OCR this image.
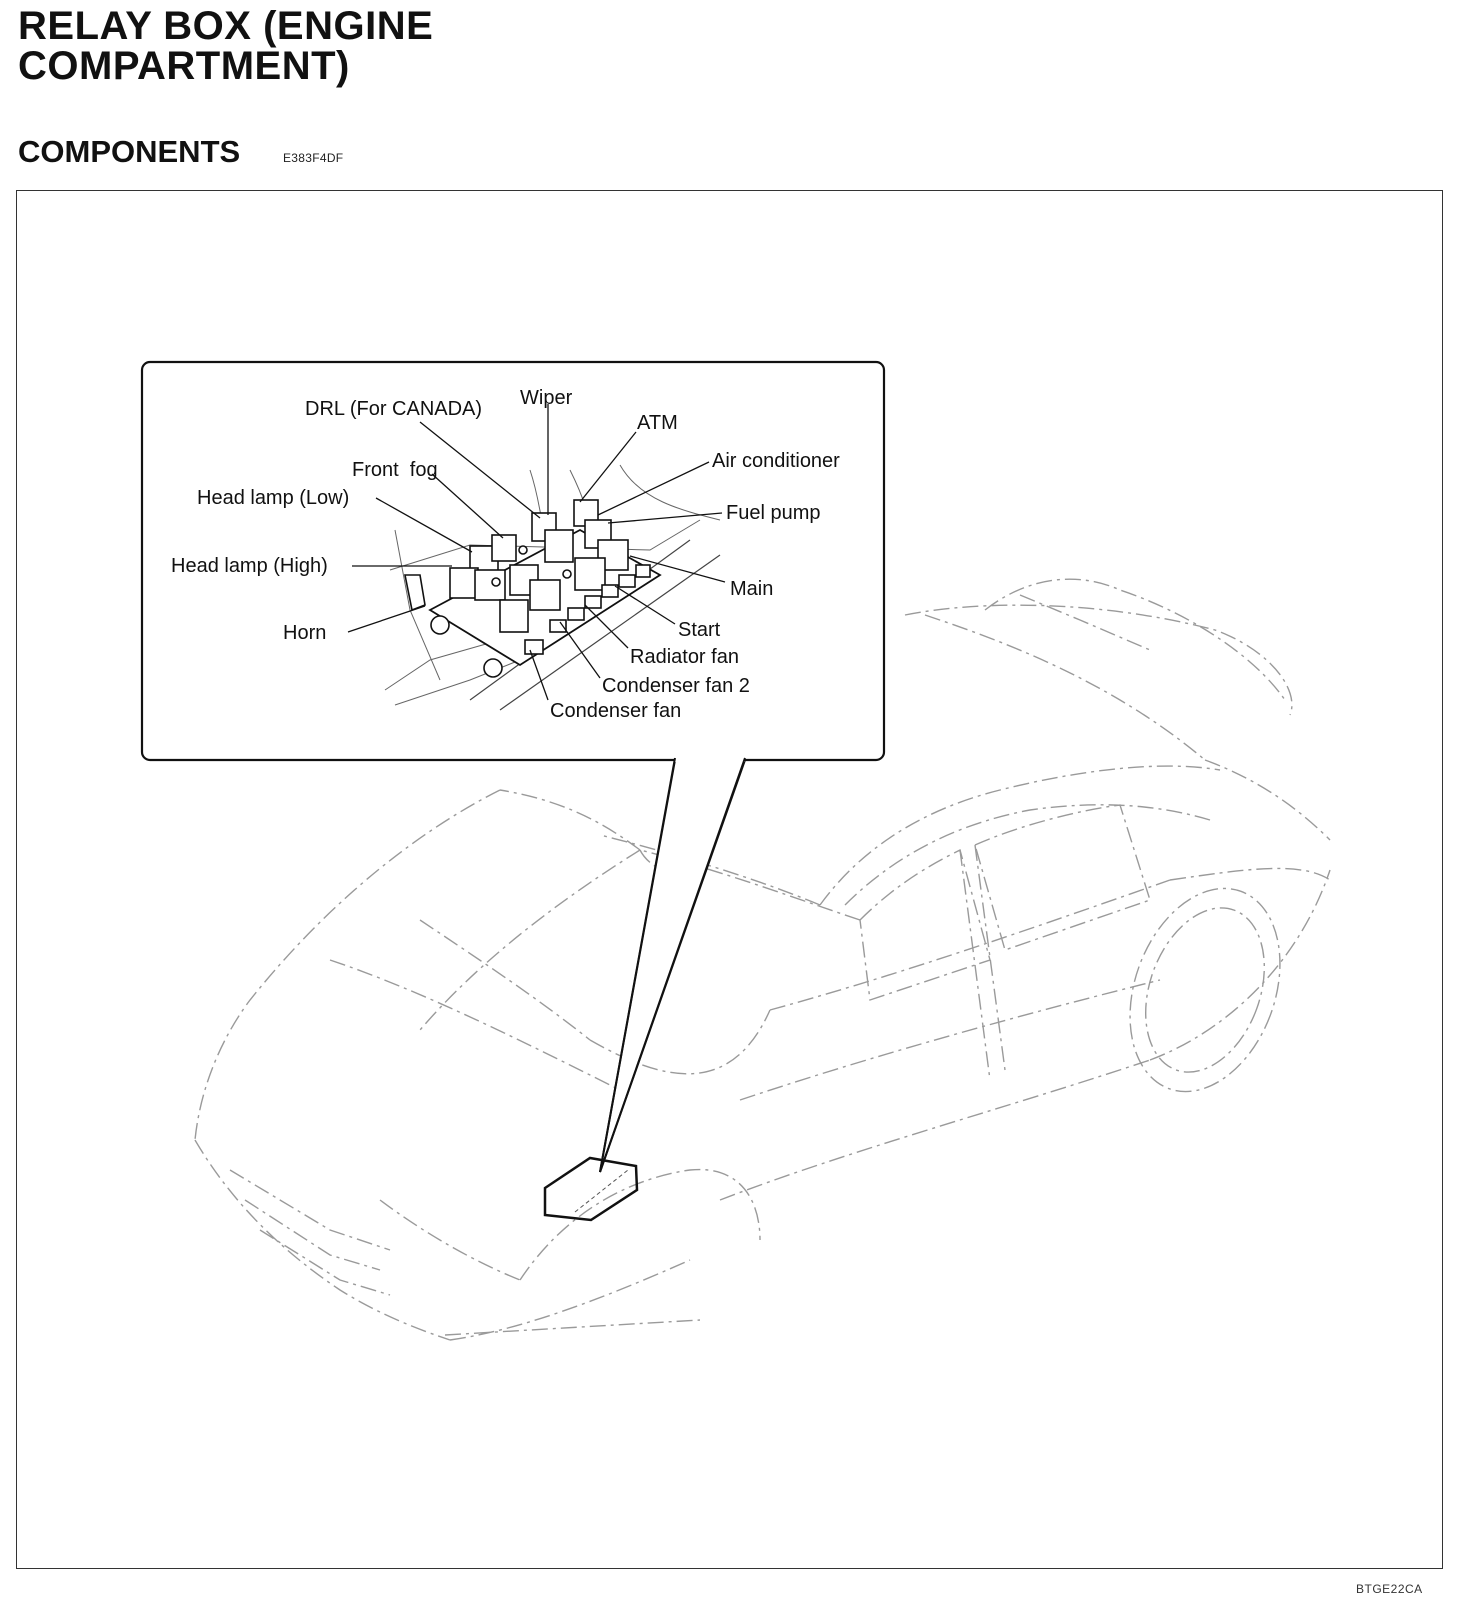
RELAY BOX (ENGINE COMPARTMENT)
COMPONENTS	E383F4DF
DRL (For CANADA) Wiper
ATM
Air conditioner
Front  fog
Fuel pump
Head lamp (Low)
Head lamp (High)
Main
Horn	Start
Radiator fan
Condenser fan 2
Condenser fan
BTGE22CA
